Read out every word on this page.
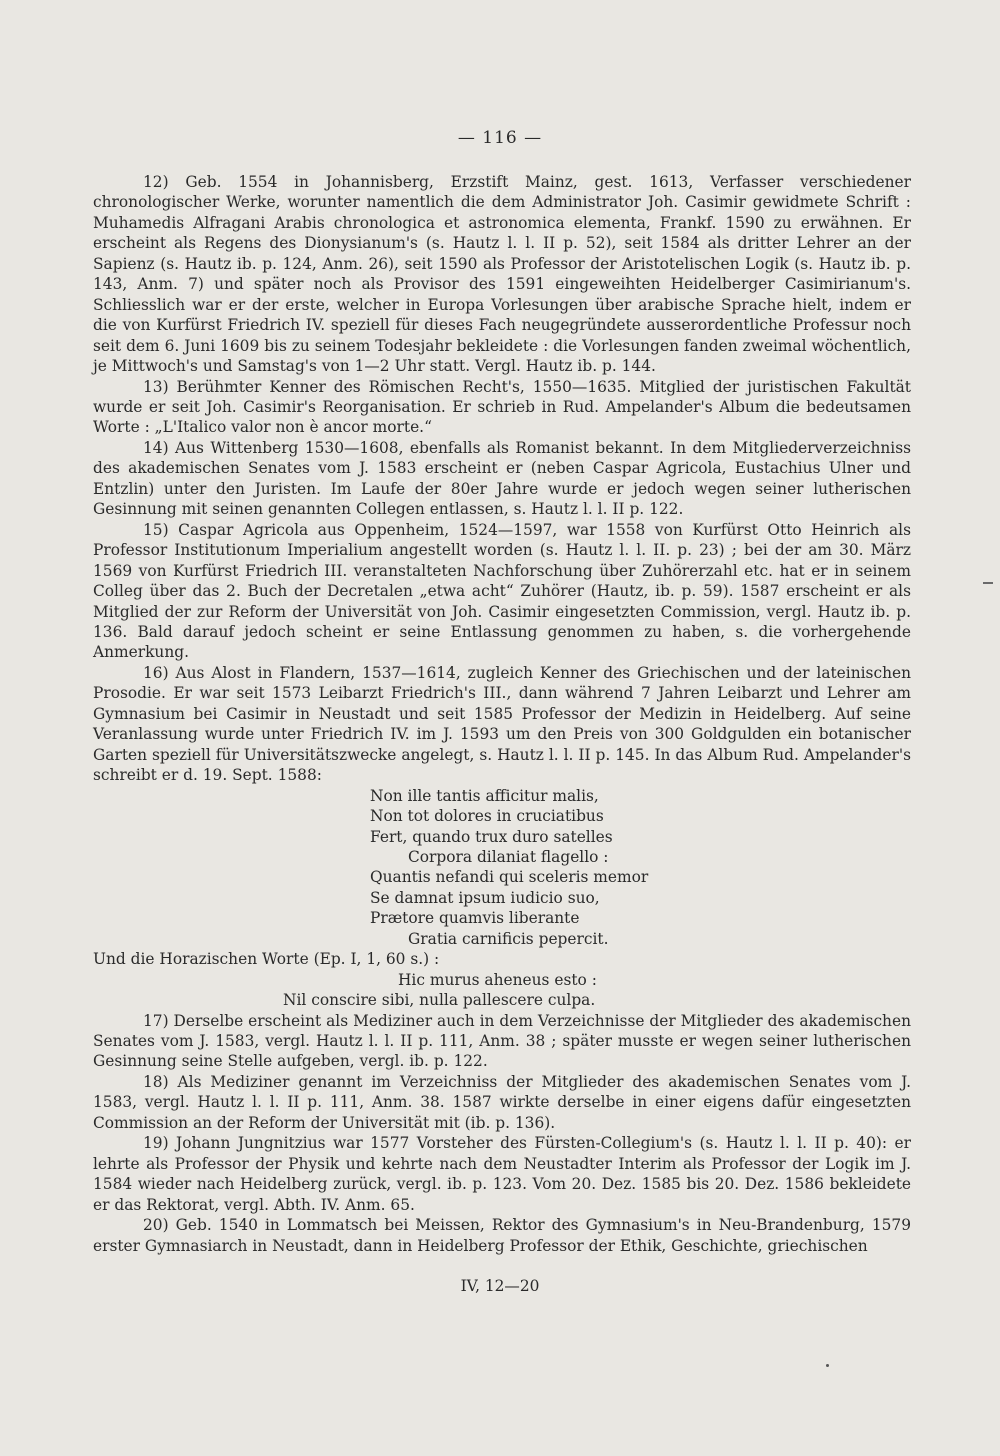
— 116 —

12) Geb. 1554 in Johannisberg, Erzstift Mainz, gest. 1613, Verfasser verschiedener chronologischer Werke, worunter namentlich die dem Administrator Joh. Casimir gewidmete Schrift : Muhamedis Alfragani Arabis chronologica et astronomica elementa, Frankf. 1590 zu erwähnen. Er erscheint als Regens des Dionysianum's (s. Hautz l. l. II p. 52), seit 1584 als dritter Lehrer an der Sapienz (s. Hautz ib. p. 124, Anm. 26), seit 1590 als Professor der Aristotelischen Logik (s. Hautz ib. p. 143, Anm. 7) und später noch als Provisor des 1591 eingeweihten Heidelberger Casimirianum's. Schliesslich war er der erste, welcher in Europa Vorlesungen über arabische Sprache hielt, indem er die von Kurfürst Friedrich IV. speziell für dieses Fach neugegründete ausserordentliche Professur noch seit dem 6. Juni 1609 bis zu seinem Todesjahr bekleidete : die Vorlesungen fanden zweimal wöchentlich, je Mittwoch's und Samstag's von 1—2 Uhr statt. Vergl. Hautz ib. p. 144.

13) Berühmter Kenner des Römischen Recht's, 1550—1635. Mitglied der juristischen Fakultät wurde er seit Joh. Casimir's Reorganisation. Er schrieb in Rud. Ampelander's Album die bedeutsamen Worte : „L'Italico valor non è ancor morte.“

14) Aus Wittenberg 1530—1608, ebenfalls als Romanist bekannt. In dem Mitgliederverzeichniss des akademischen Senates vom J. 1583 erscheint er (neben Caspar Agricola, Eustachius Ulner und Entzlin) unter den Juristen. Im Laufe der 80er Jahre wurde er jedoch wegen seiner lutherischen Gesinnung mit seinen genannten Collegen entlassen, s. Hautz l. l. II p. 122.

15) Caspar Agricola aus Oppenheim, 1524—1597, war 1558 von Kurfürst Otto Heinrich als Professor Institutionum Imperialium angestellt worden (s. Hautz l. l. II. p. 23) ; bei der am 30. März 1569 von Kurfürst Friedrich III. veranstalteten Nachforschung über Zuhörerzahl etc. hat er in seinem Colleg über das 2. Buch der Decretalen „etwa acht“ Zuhörer (Hautz, ib. p. 59). 1587 erscheint er als Mitglied der zur Reform der Universität von Joh. Casimir eingesetzten Commission, vergl. Hautz ib. p. 136. Bald darauf jedoch scheint er seine Entlassung genommen zu haben, s. die vorhergehende Anmerkung.

16) Aus Alost in Flandern, 1537—1614, zugleich Kenner des Griechischen und der lateinischen Prosodie. Er war seit 1573 Leibarzt Friedrich's III., dann während 7 Jahren Leibarzt und Lehrer am Gymnasium bei Casimir in Neustadt und seit 1585 Professor der Medizin in Heidelberg. Auf seine Veranlassung wurde unter Friedrich IV. im J. 1593 um den Preis von 300 Goldgulden ein botanischer Garten speziell für Universitätszwecke angelegt, s. Hautz l. l. II p. 145. In das Album Rud. Ampelander's schreibt er d. 19. Sept. 1588:

Non ille tantis afficitur malis,
Non tot dolores in cruciatibus
Fert, quando trux duro satelles
Corpora dilaniat flagello :
Quantis nefandi qui sceleris memor
Se damnat ipsum iudicio suo,
Prætore quamvis liberante
Gratia carnificis pepercit.

Und die Horazischen Worte (Ep. I, 1, 60 s.) :

Hic murus aheneus esto :
Nil conscire sibi, nulla pallescere culpa.

17) Derselbe erscheint als Mediziner auch in dem Verzeichnisse der Mitglieder des akademischen Senates vom J. 1583, vergl. Hautz l. l. II p. 111, Anm. 38 ; später musste er wegen seiner lutherischen Gesinnung seine Stelle aufgeben, vergl. ib. p. 122.

18) Als Mediziner genannt im Verzeichniss der Mitglieder des akademischen Senates vom J. 1583, vergl. Hautz l. l. II p. 111, Anm. 38. 1587 wirkte derselbe in einer eigens dafür eingesetzten Commission an der Reform der Universität mit (ib. p. 136).

19) Johann Jungnitzius war 1577 Vorsteher des Fürsten-Collegium's (s. Hautz l. l. II p. 40): er lehrte als Professor der Physik und kehrte nach dem Neustadter Interim als Professor der Logik im J. 1584 wieder nach Heidelberg zurück, vergl. ib. p. 123. Vom 20. Dez. 1585 bis 20. Dez. 1586 bekleidete er das Rektorat, vergl. Abth. IV. Anm. 65.

20) Geb. 1540 in Lommatsch bei Meissen, Rektor des Gymnasium's in Neu-Brandenburg, 1579 erster Gymnasiarch in Neustadt, dann in Heidelberg Professor der Ethik, Geschichte, griechischen

IV, 12—20
